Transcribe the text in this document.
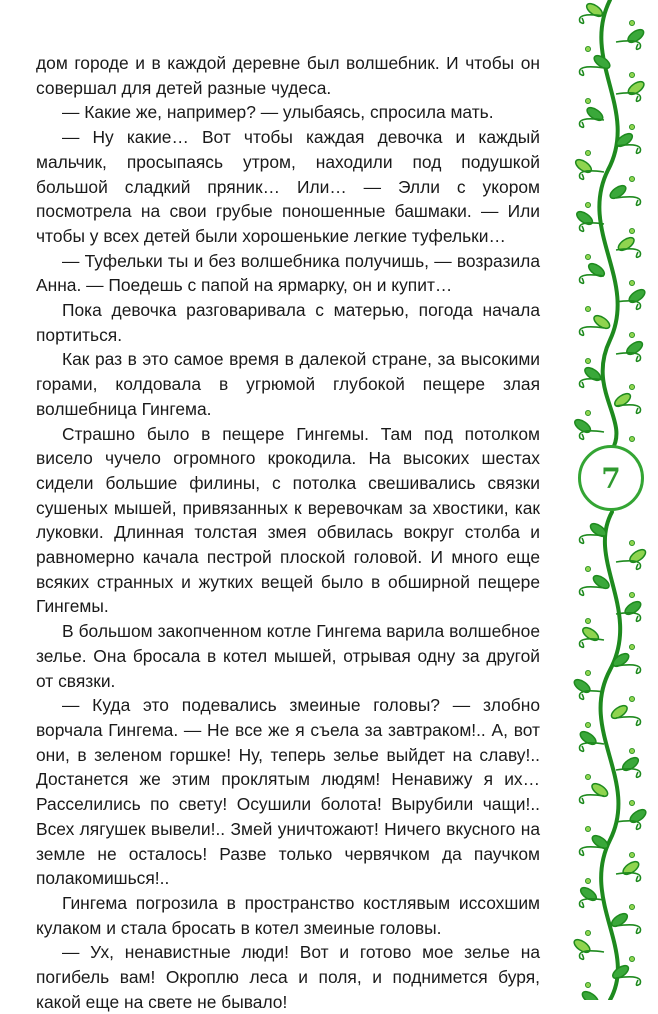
7

дом городе и в каждой деревне был волшебник. И чтобы он совершал для детей разные чудеса.

— Какие же, например? — улыбаясь, спросила мать.

— Ну какие… Вот чтобы каждая девочка и каждый мальчик, просыпаясь утром, находили под подушкой большой сладкий пряник… Или… — Элли с укором посмотрела на свои грубые поношенные башмаки. — Или чтобы у всех детей были хорошенькие легкие туфельки…

— Туфельки ты и без волшебника получишь, — возразила Анна. — Поедешь с папой на ярмарку, он и купит…

Пока девочка разговаривала с матерью, погода начала портиться.

Как раз в это самое время в далекой стране, за высокими горами, колдовала в угрюмой глубокой пещере злая волшебница Гингема.

Страшно было в пещере Гингемы. Там под потолком висело чучело огромного крокодила. На высоких шестах сидели большие филины, с потолка свешивались связки сушеных мышей, привязанных к веревочкам за хвостики, как луковки. Длинная толстая змея обвилась вокруг столба и равномерно качала пестрой плоской головой. И много еще всяких странных и жутких вещей было в обширной пещере Гингемы.

В большом закопченном котле Гингема варила волшебное зелье. Она бросала в котел мышей, отрывая одну за другой от связки.

— Куда это подевались змеиные головы? — злобно ворчала Гингема. — Не все же я съела за завтраком!.. А, вот они, в зеленом горшке! Ну, теперь зелье выйдет на славу!.. Достанется же этим проклятым людям! Ненавижу я их… Расселились по свету! Осушили болота! Вырубили чащи!.. Всех лягушек вывели!.. Змей уничтожают! Ничего вкусного на земле не осталось! Разве только червячком да паучком полакомишься!..

Гингема погрозила в пространство костлявым иссохшим кулаком и стала бросать в котел змеиные головы.

— Ух, ненавистные люди! Вот и готово мое зелье на погибель вам! Окроплю леса и поля, и поднимется буря, какой еще на свете не бывало!
